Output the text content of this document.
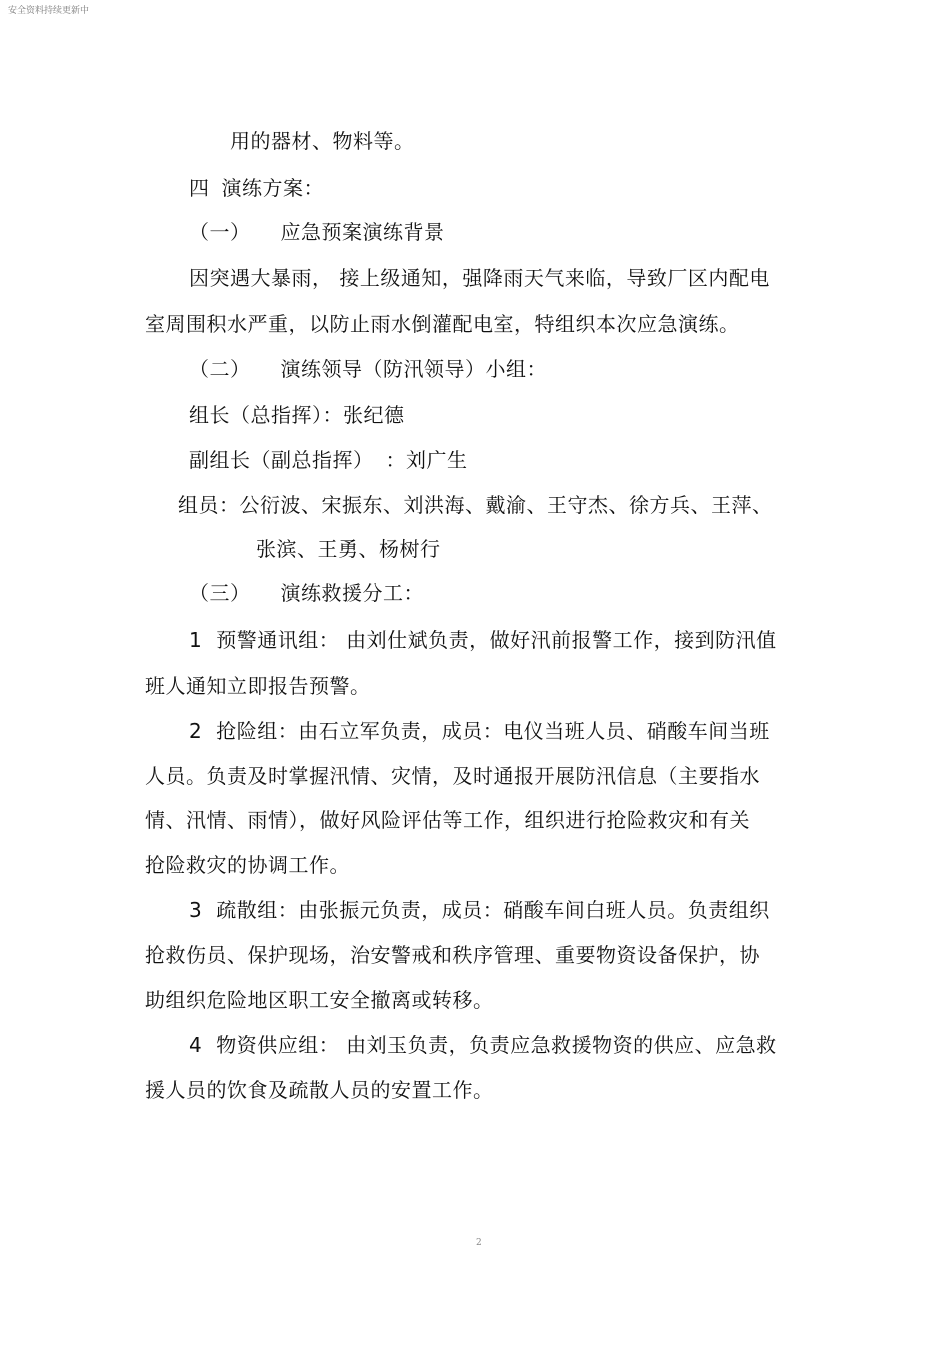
安全资料持续更新中
用的器材、物料等。
四 演练方案：
（一） 应急预案演练背景
因突遇大暴雨， 接上级通知，强降雨天气来临，导致厂区内配电
室周围积水严重，以防止雨水倒灌配电室，特组织本次应急演练。
（二） 演练领导（防汛领导）小组：
组长（总指挥）：张纪德
副组长（副总指挥） ：刘广生
组员：公衍波、宋振东、刘洪海、戴渝、王守杰、徐方兵、王萍、
张滨、王勇、杨树行
（三） 演练救援分工：
1 预警通讯组： 由刘仕斌负责，做好汛前报警工作，接到防汛值
班人通知立即报告预警。
2 抢险组：由石立军负责，成员：电仪当班人员、硝酸车间当班
人员。负责及时掌握汛情、灾情，及时通报开展防汛信息（主要指水
情、汛情、雨情），做好风险评估等工作，组织进行抢险救灾和有关
抢险救灾的协调工作。
3 疏散组：由张振元负责，成员：硝酸车间白班人员。负责组织
抢救伤员、保护现场，治安警戒和秩序管理、重要物资设备保护，协
助组织危险地区职工安全撤离或转移。
4 物资供应组： 由刘玉负责，负责应急救援物资的供应、应急救
援人员的饮食及疏散人员的安置工作。
2
